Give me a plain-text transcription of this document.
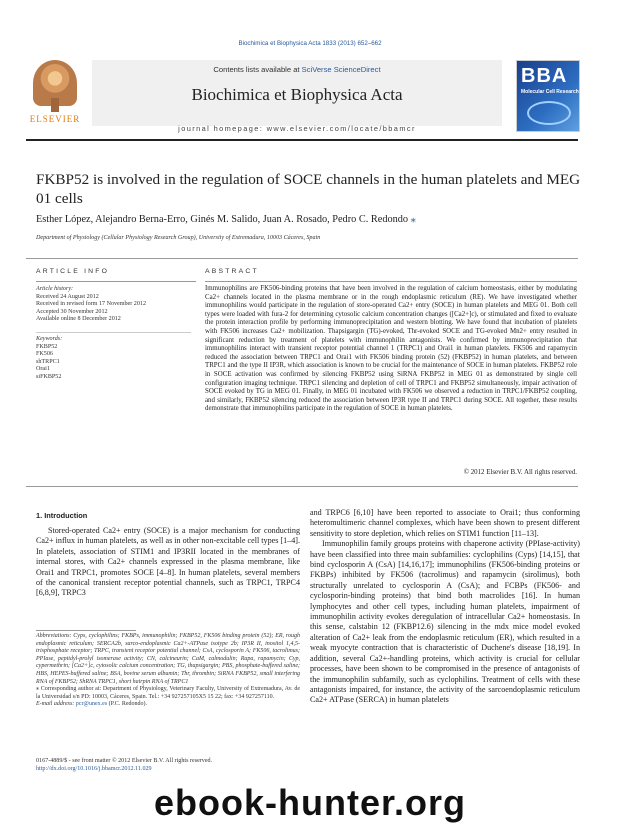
Biochimica et Biophysica Acta 1833 (2013) 652–662
ELSEVIER
Contents lists available at SciVerse ScienceDirect
Biochimica et Biophysica Acta
journal homepage: www.elsevier.com/locate/bbamcr
BBA
Molecular Cell Research
FKBP52 is involved in the regulation of SOCE channels in the human platelets and MEG 01 cells
Esther López, Alejandro Berna-Erro, Ginés M. Salido, Juan A. Rosado, Pedro C. Redondo ⁎
Department of Physiology (Cellular Physiology Research Group), University of Extremadura, 10003 Cáceres, Spain
ARTICLE INFO
Article history:
Received 24 August 2012
Received in revised form 17 November 2012
Accepted 30 November 2012
Available online 8 December 2012
Keywords:
FKBP52
FK506
shTRPC1
Orai1
siFKBP52
ABSTRACT
Immunophilins are FK506-binding proteins that have been involved in the regulation of calcium homeostasis, either by modulating Ca2+ channels located in the plasma membrane or in the rough endoplasmic reticulum (RE). We have investigated whether immunophilins would participate in the regulation of store-operated Ca2+ entry (SOCE) in human platelets and MEG 01. Both cell types were loaded with fura-2 for determining cytosolic calcium concentration changes ([Ca2+]c), or stimulated and fixed to evaluate the protein interaction profile by performing immunoprecipitation and western blotting. We have found that incubation of platelets with FK506 increases Ca2+ mobilization. Thapsigargin (TG)-evoked, Thr-evoked SOCE and TG-evoked Mn2+ entry resulted in significant reduction by treatment of platelets with immunophilin antagonists. We confirmed by immunoprecipitation that immunophilins interact with transient receptor potential channel 1 (TRPC1) and Orai1 in human platelets. FK506 and rapamycin reduced the association between TRPC1 and Orai1 with FK506 binding protein (52) (FKBP52) in human platelets, and between TRPC1 and the type II IP3R, which association is known to be crucial for the maintenance of SOCE in human platelets. FKBP52 role in SOCE activation was confirmed by silencing FKBP52 using SiRNA FKBP52 in MEG 01 as demonstrated by single cell configuration imaging technique. TRPC1 silencing and depletion of cell of TRPC1 and FKBP52 simultaneously, impair activation of SOCE evoked by TG in MEG 01. Finally, in MEG 01 incubated with FK506 we observed a reduction in TRPC1/FKBP52 coupling, and similarly, FKBP52 silencing reduced the association between IP3R type II and TRPC1 during SOCE. All together, these results demonstrate that immunophilins participate in the regulation of SOCE in human platelets.
© 2012 Elsevier B.V. All rights reserved.
1. Introduction
Stored-operated Ca2+ entry (SOCE) is a major mechanism for conducting Ca2+ influx in human platelets, as well as in other non-excitable cell types [1–4]. In platelets, association of STIM1 and IP3RII located in the membranes of internal stores, with Ca2+ channels expressed in the plasma membrane, like Orai1 and TRPC1, promotes SOCE [4–8]. In human platelets, several members of the canonical transient receptor potential channels, such as TRPC1, TRPC4 [6,8,9], TRPC3
and TRPC6 [6,10] have been reported to associate to Orai1; thus conforming heteromultimeric channel complexes, which have been shown to present different sensitivity to store depletion, which relies on STIM1 function [11–13].
Immunophilin family groups proteins with chaperone activity (PPIase-activity) have been classified into three main subfamilies: cyclophilins (Cyps) [14,15], that bind cyclosporin A (CsA) [14,16,17]; immunophilins (FK506-binding proteins or FKBPs) inhibited by FK506 (tacrolimus) and rapamycin (sirolimus), both structurally unrelated to cyclosporin A (CsA); and FCBPs (FK506- and cyclosporin-binding proteins) that bind both macrolides [16]. In human lymphocytes and other cell types, including human platelets, impairment of immunophilin activity evokes deregulation of intracellular Ca2+ homeostasis. In this sense, calstabin 12 (FKBP12.6) silencing in the mdx mice model evoked alteration of Ca2+ leak from the endoplasmic reticulum (ER), which resulted in a weak myocyte contraction that is characteristic of Duchene's disease [18,19]. In addition, several Ca2+-handling proteins, which activity is crucial for cellular processes, have been shown to be compromised in the presence of antagonists of the immunophilin subfamily, such as cyclophilins. Treatment of cells with these antagonists impaired, for instance, the activity of the sarcoendoplasmic reticulum Ca2+ ATPase (SERCA) in human platelets
Abbreviations: Cyps, cyclophilins; FKBPs, immunophilin; FKBP52, FK506 binding protein (52); ER, rough endoplasmic reticulum; SERCA2b, sarco-endoplasmic Ca2+-ATPase isotype 2b; IP3R II, inositol 1,4,5-trisphosphate receptor; TRPC, transient receptor potential channel; CsA, cyclosporin A; FK506, tacrolimus; PPIase, peptidyl-prolyl isomerase activity; CN, calcineurin; CaM, calmodulin; Rapa, rapamycin; Cyp, cypermethrin; [Ca2+]c, cytosolic calcium concentration; TG, thapsigargin; PBS, phosphate-buffered saline; HBS, HEPES-buffered saline; BSA, bovine serum albumin; Thr, thrombin; SiRNA FKBP52, small interfering RNA of FKBP52; ShRNA TRPC1, short hairpin RNA of TRPC1
⁎ Corresponding author at: Department of Physiology, Veterinary Faculty, University of Extremadura, Av. de la Universidad s/n PD: 10003, Cáceres, Spain. Tel.: +34 927257105X5 15 22; fax: +34 927257110.
E-mail address: pcr@unex.es (P.C. Redondo).
0167-4889/$ - see front matter © 2012 Elsevier B.V. All rights reserved.
http://dx.doi.org/10.1016/j.bbamcr.2012.11.029
ebook-hunter.org
